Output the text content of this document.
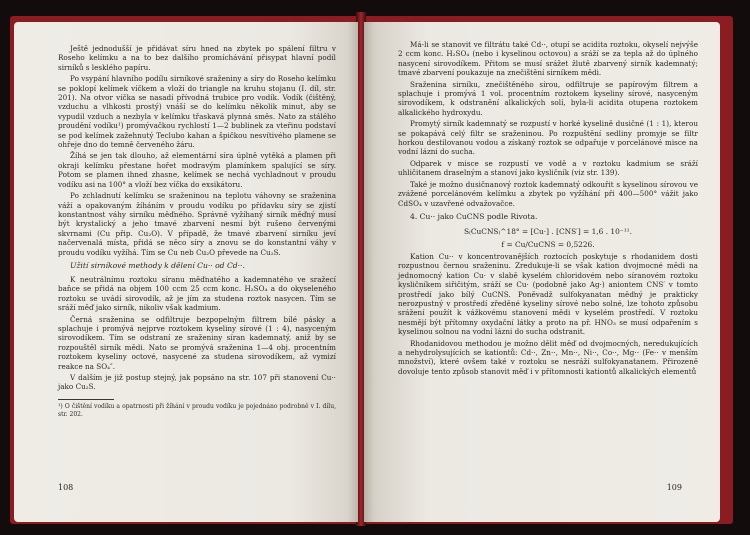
Ještě jednodušší je přidávat síru hned na zbytek po spálení filtru v Roseho kelímku a na to bez dalšího promíchávání přisypat hlavní podíl sirníků s lesklého papíru.

Po vsypání hlavního podílu sirníkové sraženiny a síry do Roseho kelímku se poklopí kelímek víčkem a vloží do triangle na kruhu stojanu (I. díl, str. 201). Na otvor víčka se nasadí přívodná trubice pro vodík. Vodík (čištěný, vzduchu a vlhkosti prostý) vnáší se do kelímku několik minut, aby se vypudil vzduch a nezbyla v kelímku třaskavá plynná směs. Nato za stálého proudění vodíku¹) promývačkou rychlostí 1—2 bublinek za vteřinu podstaví se pod kelímek zažehnutý Teclubo kahan a špičkou nesvítivého plamene se ohřeje dno do temně červeného žáru.

Žíhá se jen tak dlouho, až elementární síra úplně vytěká a plamen při okraji kelímku přestane hořet modravým plamínkem spalující se síry. Potom se plamen ihned zhasne, kelímek se nechá vychladnout v proudu vodíku asi na 100° a vloží bez víčka do exsikátoru.

Po zchladnutí kelímku se sraženinou na teplotu váhovny se sraženina váží a opakovaným žíháním v proudu vodíku po přídavku síry se zjistí konstantnost váhy sirníku měďného. Správně vyžíhaný sirník měďný musí být krystalický a jeho tmavé zbarvení nesmí být rušeno červenými skvrnami (Cu přip. Cu₂O). V případě, že tmavé zbarvení sirníku jeví načervenalá místa, přidá se něco síry a znovu se do konstantní váhy v proudu vodíku vyžíhá. Tím se Cu neb Cu₂O převede na Cu₂S.

Užití sirníkové methody k dělení Cu·· od Cd··.

K neutrálnímu roztoku síranu měďnatého a kademnatého ve sražecí baňce se přidá na objem 100 ccm 25 ccm konc. H₂SO₄ a do okyseleného roztoku se uvádí sirovodík, až je jím za studena roztok nasycen. Tím se sráží měď jako sirník, nikoliv však kadmium.

Černá sraženina se odfiltruje bezpopelným filtrem bílé pásky a splachuje i promývá nejprve roztokem kyseliny sírové (1 : 4), nasyceným sirovodíkem. Tím se odstraní ze sraženiny síran kademnatý, aniž by se rozpouštěl sirník mědi. Nato se promývá sraženina 1—4 obj. procentním roztokem kyseliny octové, nasycené za studena sirovodíkem, až vymizí reakce na SO₄″.

V dalším je již postup stejný, jak popsáno na str. 107 při stanovení Cu·· jako Cu₂S.

¹) O čištění vodíku a opatrnosti při žíhání v proudu vodíku je pojednáno podrobně v I. dílu, str. 202.

108

Má-li se stanovit ve filtrátu také Cd··, otupí se acidita roztoku, okyselí nejvýše 2 ccm konc. H₂SO₄ (nebo i kyselinou octovou) a sráží se za tepla až do úplného nasycení sirovodíkem. Přitom se musí srážet žlutě zbarvený sirník kademnatý; tmavé zbarvení poukazuje na znečištění sirníkem mědi.

Sraženina sirníku, znečištěného sírou, odfiltruje se papírovým filtrem a splachuje i promývá 1 vol. procentním roztokem kyseliny sírové, nasyceným sirovodíkem, k odstranění alkalických solí, byla-li acidita otupena roztokem alkalického hydroxydu.

Promytý sirník kademnatý se rozpustí v horké kyselině dusičné (1 : 1), kterou se pokapává celý filtr se sraženinou. Po rozpuštění sedliny promyje se filtr horkou destilovanou vodou a získaný roztok se odpařuje v porcelánové misce na vodní lázni do sucha.

Odparek v misce se rozpustí ve vodě a v roztoku kadmium se sráží uhličitanem draselným a stanoví jako kysličník (viz str. 139).

Také je možno dusičnanový roztok kademnatý odkouřit s kyselinou sírovou ve zvážené porcelánovém kelímku a zbytek po vyžíhání při 400—500° vážit jako CdSO₄ v uzavřené odvažovačce.

4. Cu·· jako CuCNS podle Rivota.

S₍CuCNS₎^18° = [Cu·] . [CNS′] = 1,6 . 10⁻¹¹.

f = Cu/CuCNS = 0,5226.

Kation Cu·· v koncentrovanějších roztocích poskytuje s rhodanidem dosti rozpustnou černou sraženinu. Zredukuje-li se však kation dvojmocné mědi na jednomocný kation Cu· v slabě kyselém chloridovém nebo síranovém roztoku kysličníkem siřičitým, sráží se Cu· (podobně jako Ag·) aniontem CNS′ v tomto prostředí jako bílý CuCNS. Poněvadž sulfokyanatan měďný je prakticky nerozpustný v prostředí zředěné kyseliny sírové nebo solné, lze tohoto způsobu srážení použít k vážkovému stanovení mědi v kyselém prostředí. V roztoku nesmějí být přítomny oxydační látky a proto na př. HNO₃ se musí odpařením s kyselinou solnou na vodní lázni do sucha odstranit.

Rhodanidovou methodou je možno dělit měď od dvojmocných, neredukujících a nehydrolysujících se kationtů: Cd··, Zn··, Mn··, Ni··, Co··, Mg·· (Fe·· v menším množství), které ovšem také v roztoku se nesráží sulfokyanatanem. Přirozeně dovoluje tento způsob stanovit měď i v přítomnosti kationtů alkalických elementů

109
